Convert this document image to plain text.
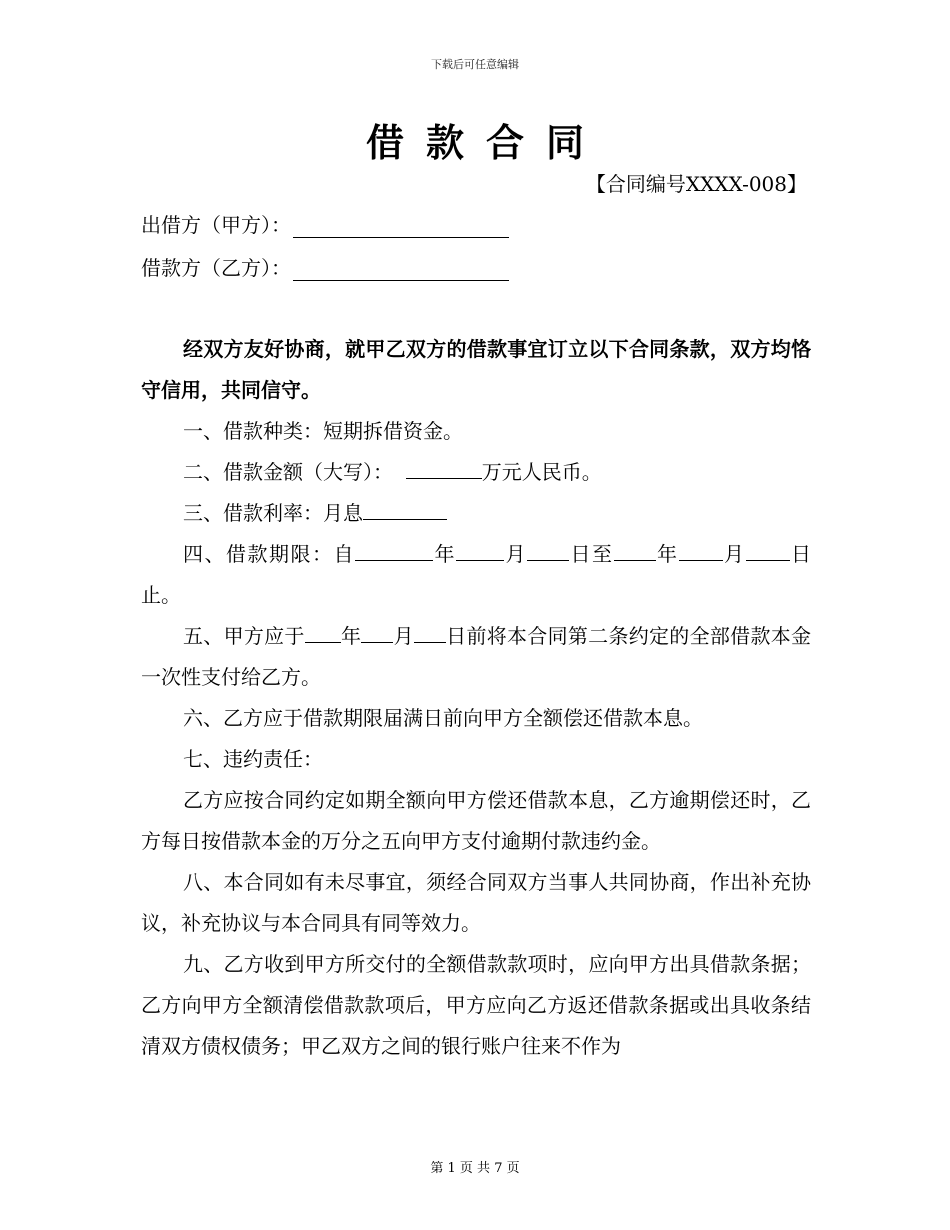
下载后可任意编辑
借款合同
【合同编号XXXX-008】
出借方（甲方）：
借款方（乙方）：

经双方友好协商，就甲乙双方的借款事宜订立以下合同条款，双方均恪守信用，共同信守。

一、借款种类：短期拆借资金。

二、借款金额（大写）：	万元人民币。

三、借款利率：月息

四、借款期限：自	年 月 日至 年 月 日止。

五、甲方应于 年 月 日前将本合同第二条约定的全部借款本金一次性支付给乙方。

六、乙方应于借款期限届满日前向甲方全额偿还借款本息。

七、违约责任：

乙方应按合同约定如期全额向甲方偿还借款本息，乙方逾期偿还时，乙方每日按借款本金的万分之五向甲方支付逾期付款违约金。

八、本合同如有未尽事宜，须经合同双方当事人共同协商，作出补充协议，补充协议与本合同具有同等效力。

九、乙方收到甲方所交付的全额借款款项时，应向甲方出具借款条据；乙方向甲方全额清偿借款款项后，甲方应向乙方返还借款条据或出具收条结清双方债权债务；甲乙双方之间的银行账户往来不作为

第 1 页 共 7 页
